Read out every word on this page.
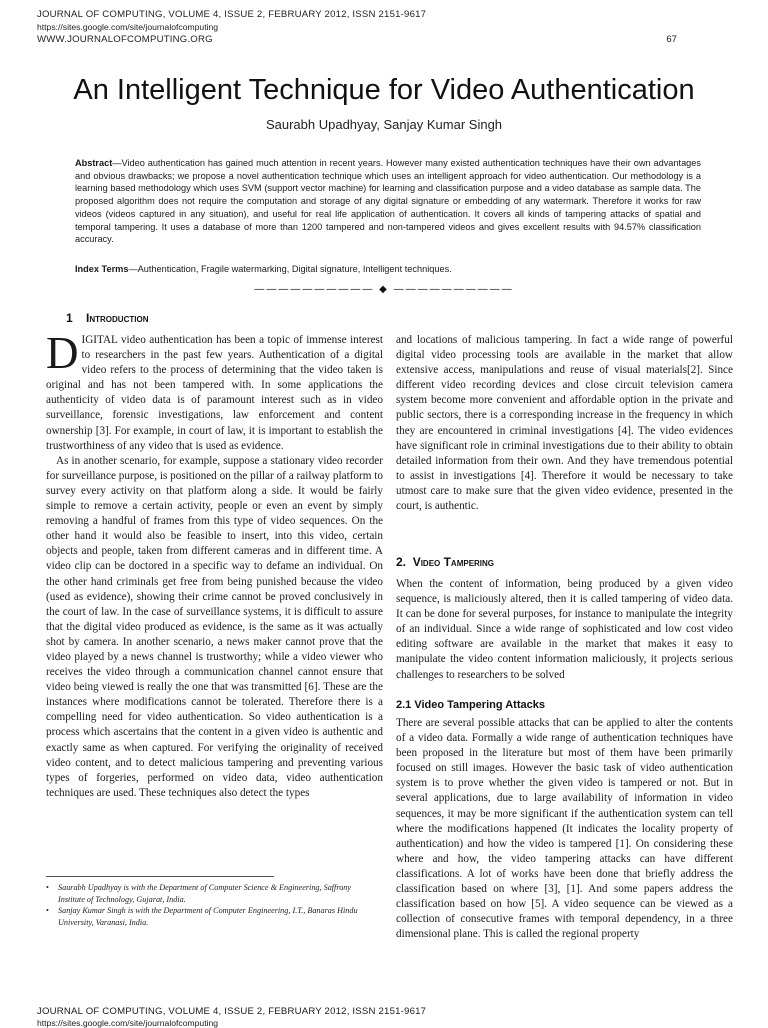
JOURNAL OF COMPUTING, VOLUME 4, ISSUE 2, FEBRUARY 2012, ISSN 2151-9617
https://sites.google.com/site/journalofcomputing
WWW.JOURNALOFCOMPUTING.ORG	67
An Intelligent Technique for Video Authentication
Saurabh Upadhyay, Sanjay Kumar Singh
Abstract—Video authentication has gained much attention in recent years. However many existed authentication techniques have their own advantages and obvious drawbacks; we propose a novel authentication technique which uses an intelligent approach for video authentication. Our methodology is a learning based methodology which uses SVM (support vector machine) for learning and classification purpose and a video database as sample data. The proposed algorithm does not require the computation and storage of any digital signature or embedding of any watermark. Therefore it works for raw videos (videos captured in any situation), and useful for real life application of authentication. It covers all kinds of tampering attacks of spatial and temporal tampering. It uses a database of more than 1200 tampered and non-tampered videos and gives excellent results with 94.57% classification accuracy.
Index Terms—Authentication, Fragile watermarking, Digital signature, Intelligent techniques.
—————————— ◆ ——————————
1 Introduction

DIGITAL video authentication has been a topic of immense interest to researchers in the past few years. Authentication of a digital video refers to the process of determining that the video taken is original and has not been tampered with. In some applications the authenticity of video data is of paramount interest such as in video surveillance, forensic investigations, law enforcement and content ownership [3]. For example, in court of law, it is important to establish the trustworthiness of any video that is used as evidence.

As in another scenario, for example, suppose a stationary video recorder for surveillance purpose, is positioned on the pillar of a railway platform to survey every activity on that platform along a side. It would be fairly simple to remove a certain activity, people or even an event by simply removing a handful of frames from this type of video sequences. On the other hand it would also be feasible to insert, into this video, certain objects and people, taken from different cameras and in different time. A video clip can be doctored in a specific way to defame an individual. On the other hand criminals get free from being punished because the video (used as evidence), showing their crime cannot be proved conclusively in the court of law. In the case of surveillance systems, it is difficult to assure that the digital video produced as evidence, is the same as it was actually shot by camera. In another scenario, a news maker cannot prove that the video played by a news channel is trustworthy; while a video viewer who receives the video through a communication channel cannot ensure that video being viewed is really the one that was transmitted [6]. These are the instances where modifications cannot be tolerated. Therefore there is a compelling need for video authentication. So video authentication is a process which ascertains that the content in a given video is authentic and exactly same as when captured. For verifying the originality of received video content, and to detect malicious tampering and preventing various types of forgeries, performed on video data, video authentication techniques are used. These techniques also detect the types

and locations of malicious tampering. In fact a wide range of powerful digital video processing tools are available in the market that allow extensive access, manipulations and reuse of visual materials[2]. Since different video recording devices and close circuit television camera system become more convenient and affordable option in the private and public sectors, there is a corresponding increase in the frequency in which they are encountered in criminal investigations [4]. The video evidences have significant role in criminal investigations due to their ability to obtain detailed information from their own. And they have tremendous potential to assist in investigations [4]. Therefore it would be necessary to take utmost care to make sure that the given video evidence, presented in the court, is authentic.

2. Video Tampering

When the content of information, being produced by a given video sequence, is maliciously altered, then it is called tampering of video data. It can be done for several purposes, for instance to manipulate the integrity of an individual. Since a wide range of sophisticated and low cost video editing software are available in the market that makes it easy to manipulate the video content information maliciously, it projects serious challenges to researchers to be solved

2.1 Video Tampering Attacks

There are several possible attacks that can be applied to alter the contents of a video data. Formally a wide range of authentication techniques have been proposed in the literature but most of them have been primarily focused on still images. However the basic task of video authentication system is to prove whether the given video is tampered or not. But in several applications, due to large availability of information in video sequences, it may be more significant if the authentication system can tell where the modifications happened (It indicates the locality property of authentication) and how the video is tampered [1]. On considering these where and how, the video tampering attacks can have different classifications. A lot of works have been done that briefly address the classification based on where [3], [1]. And some papers address the classification based on how [5]. A video sequence can be viewed as a collection of consecutive frames with temporal dependency, in a three dimensional plane. This is called the regional property

• Saurabh Upadhyay is with the Department of Computer Science & Engineering, Saffrony Institute of Technology, Gujarat, India.
• Sanjay Kumar Singh is with the Department of Computer Engineering, I.T., Banaras Hindu University, Varanasi, India.
JOURNAL OF COMPUTING, VOLUME 4, ISSUE 2, FEBRUARY 2012, ISSN 2151-9617
https://sites.google.com/site/journalofcomputing
